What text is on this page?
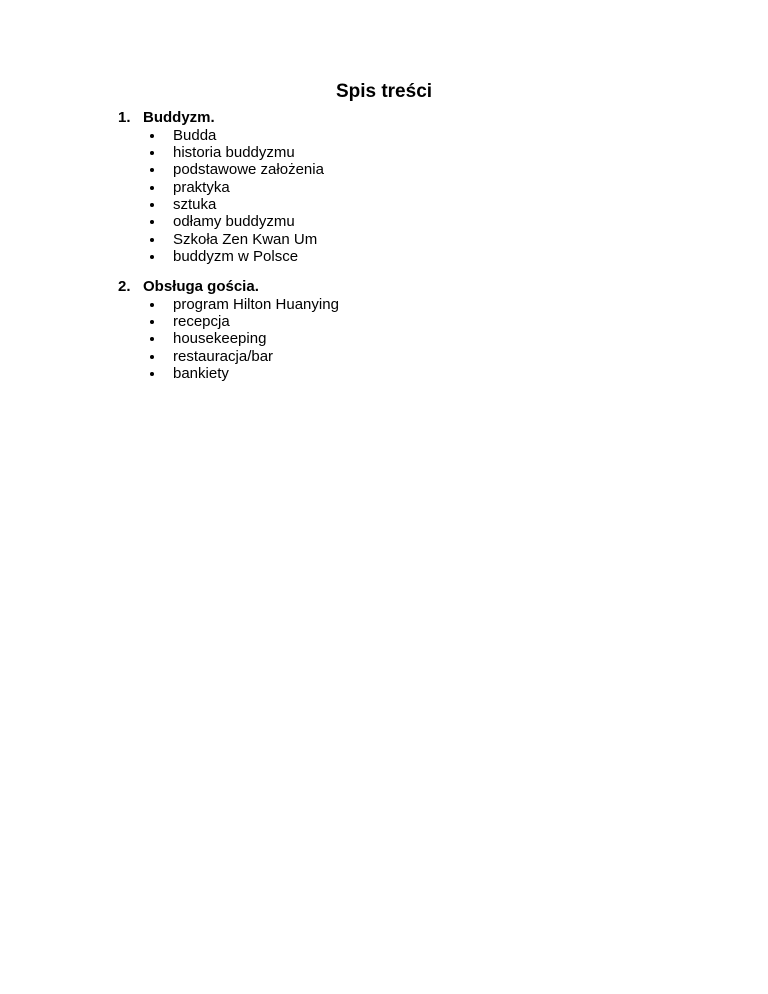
Spis treści
1. Buddyzm.
Budda
historia buddyzmu
podstawowe założenia
praktyka
sztuka
odłamy buddyzmu
Szkoła Zen Kwan Um
buddyzm w Polsce
2. Obsługa gościa.
program Hilton Huanying
recepcja
housekeeping
restauracja/bar
bankiety
